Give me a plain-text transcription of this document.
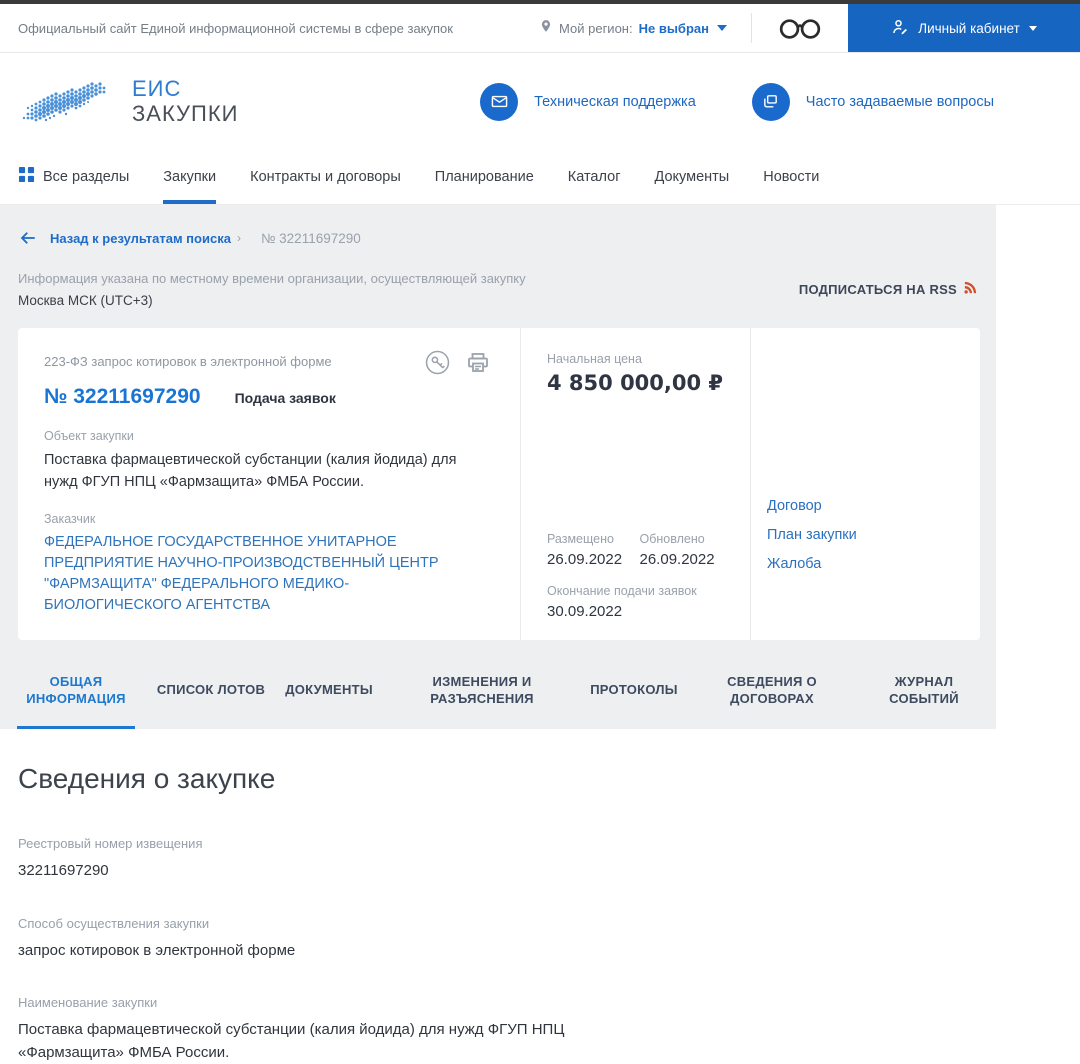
Официальный сайт Единой информационной системы в сфере закупок	Мой регион: Не выбран	Личный кабинет
ЕИС
ЗАКУПКИ	Техническая поддержка	Часто задаваемые вопросы
Все разделы Закупки Контракты и договоры Планирование Каталог Документы Новости
Назад к результатам поиска › № 32211697290
Информация указана по местному времени организации, осуществляющей закупку
Москва МСК (UTC+3)
ПОДПИСАТЬСЯ НА RSS
223-ФЗ запрос котировок в электронной форме
№ 32211697290 Подача заявок
Объект закупки
Поставка фармацевтической субстанции (калия йодида) для нужд ФГУП НПЦ «Фармзащита» ФМБА России.
Заказчик
ФЕДЕРАЛЬНОЕ ГОСУДАРСТВЕННОЕ УНИТАРНОЕ ПРЕДПРИЯТИЕ НАУЧНО-ПРОИЗВОДСТВЕННЫЙ ЦЕНТР "ФАРМЗАЩИТА" ФЕДЕРАЛЬНОГО МЕДИКО-БИОЛОГИЧЕСКОГО АГЕНТСТВА
Начальная цена
4 850 000,00 ₽
Размещено
26.09.2022
Обновлено
26.09.2022
Окончание подачи заявок
30.09.2022
Договор
План закупки
Жалоба
ОБЩАЯ ИНФОРМАЦИЯ
СПИСОК ЛОТОВ ДОКУМЕНТЫ
ИЗМЕНЕНИЯ И РАЗЪЯСНЕНИЯ
ПРОТОКОЛЫ
СВЕДЕНИЯ О ДОГОВОРАХ
ЖУРНАЛ СОБЫТИЙ
Сведения о закупке
Реестровый номер извещения
32211697290
Способ осуществления закупки
запрос котировок в электронной форме
Наименование закупки
Поставка фармацевтической субстанции (калия йодида) для нужд ФГУП НПЦ «Фармзащита» ФМБА России.
